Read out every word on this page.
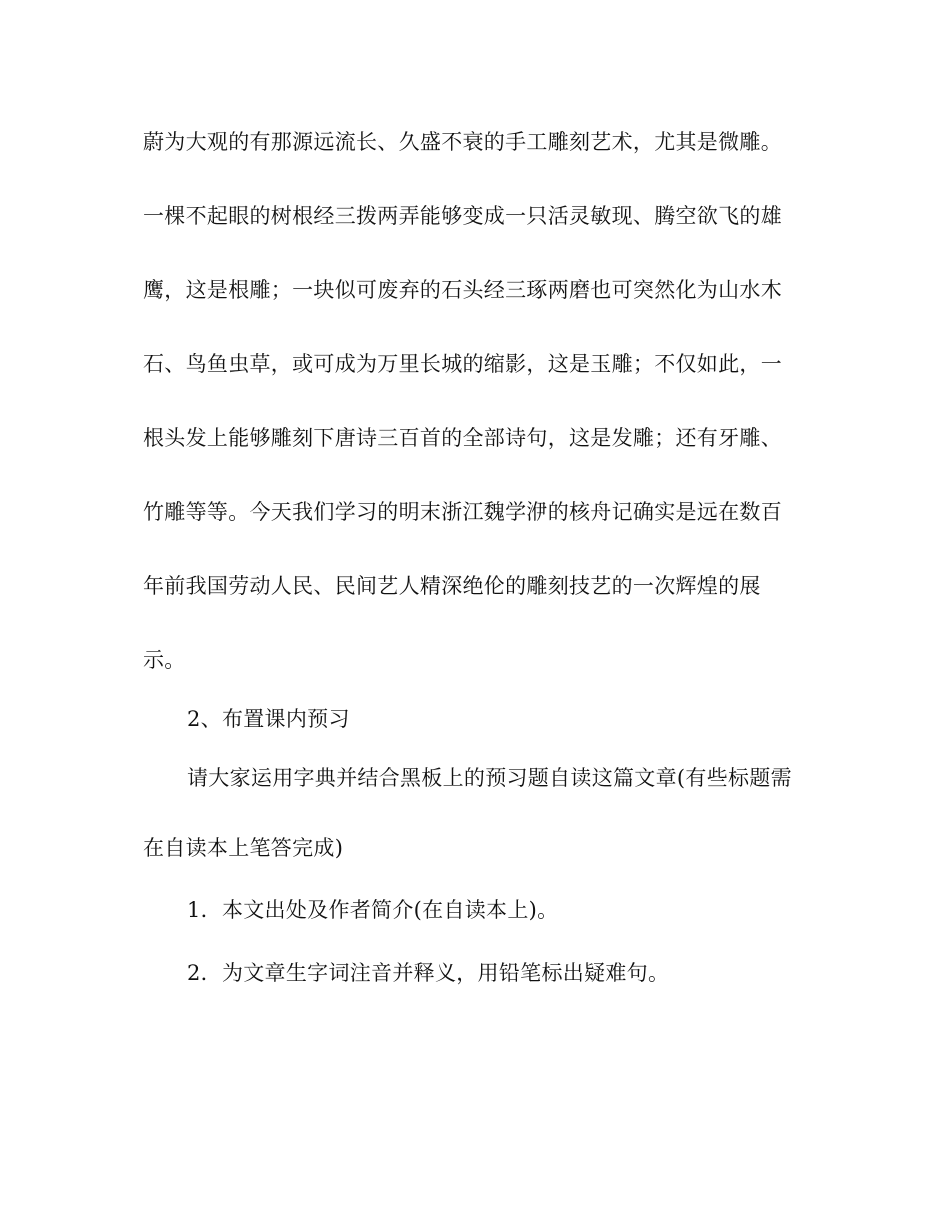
蔚为大观的有那源远流长、久盛不衰的手工雕刻艺术，尤其是微雕。
一棵不起眼的树根经三拨两弄能够变成一只活灵敏现、腾空欲飞的雄
鹰，这是根雕；一块似可废弃的石头经三琢两磨也可突然化为山水木
石、鸟鱼虫草，或可成为万里长城的缩影，这是玉雕；不仅如此，一
根头发上能够雕刻下唐诗三百首的全部诗句，这是发雕；还有牙雕、
竹雕等等。今天我们学习的明末浙江魏学洢的核舟记确实是远在数百
年前我国劳动人民、民间艺人精深绝伦的雕刻技艺的一次辉煌的展
示。
2、布置课内预习
请大家运用字典并结合黑板上的预习题自读这篇文章(有些标题需
在自读本上笔答完成)
1．本文出处及作者简介(在自读本上)。
2．为文章生字词注音并释义，用铅笔标出疑难句。
